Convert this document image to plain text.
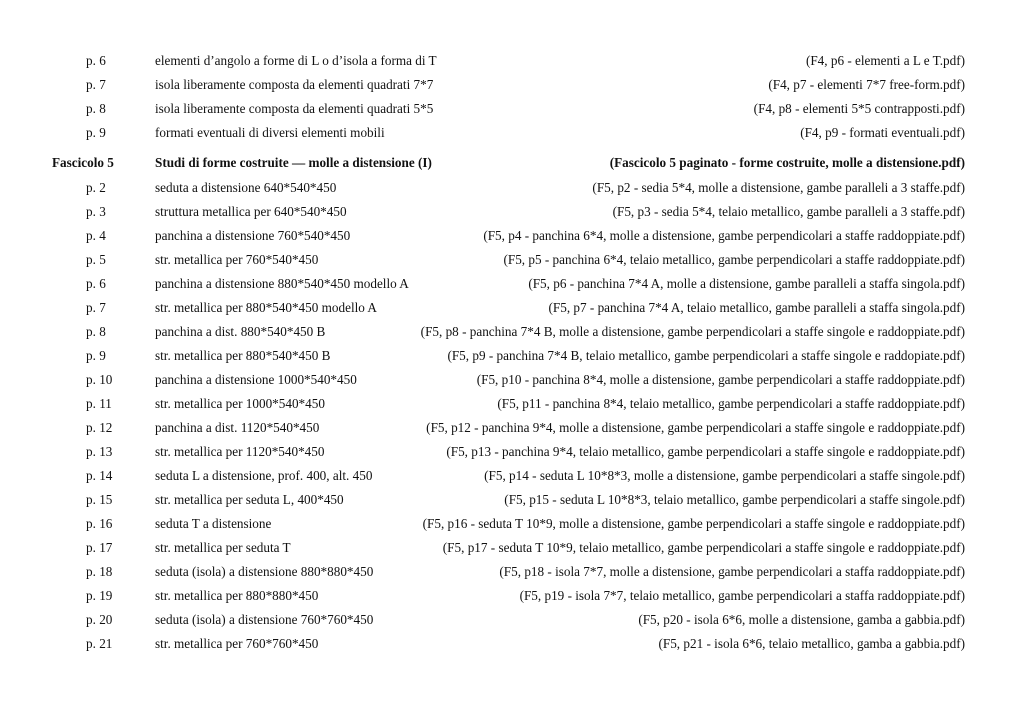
p. 6	elementi d’angolo a forme di L o d’isola a forma di T	(F4, p6 - elementi a L e T.pdf)
p. 7	isola liberamente composta da elementi quadrati 7*7	(F4, p7 - elementi 7*7 free-form.pdf)
p. 8	isola liberamente composta da elementi quadrati 5*5	(F4, p8 - elementi 5*5 contrapposti.pdf)
p. 9	formati eventuali di diversi elementi mobili	(F4, p9 - formati eventuali.pdf)
Fascicolo 5	Studi di forme costruite — molle a distensione (I)	(Fascicolo 5 paginato - forme costruite, molle a distensione.pdf)
p. 2	seduta a distensione 640*540*450	(F5, p2 - sedia 5*4, molle a distensione, gambe paralleli a 3 staffe.pdf)
p. 3	struttura metallica per 640*540*450	(F5, p3 - sedia 5*4, telaio metallico, gambe paralleli a 3 staffe.pdf)
p. 4	panchina a distensione 760*540*450	(F5, p4 - panchina 6*4, molle a distensione, gambe perpendicolari a staffe raddoppiate.pdf)
p. 5	str. metallica per 760*540*450	(F5, p5 - panchina 6*4, telaio metallico, gambe perpendicolari a staffe raddoppiate.pdf)
p. 6	panchina a distensione 880*540*450 modello A	(F5, p6 - panchina 7*4 A, molle a distensione, gambe paralleli a staffa singola.pdf)
p. 7	str. metallica per 880*540*450 modello A	(F5, p7 - panchina 7*4 A, telaio metallico, gambe paralleli a staffa singola.pdf)
p. 8	panchina a dist. 880*540*450 B	(F5, p8 - panchina 7*4 B, molle a distensione, gambe perpendicolari a staffe singole e raddoppiate.pdf)
p. 9	str. metallica per 880*540*450 B	(F5, p9 - panchina 7*4 B, telaio metallico, gambe perpendicolari a staffe singole e raddopiate.pdf)
p. 10	panchina a distensione 1000*540*450	(F5, p10 - panchina 8*4, molle a distensione, gambe perpendicolari a staffe raddoppiate.pdf)
p. 11	str. metallica per 1000*540*450	(F5, p11 - panchina 8*4, telaio metallico, gambe perpendicolari a staffe raddoppiate.pdf)
p. 12	panchina a dist. 1120*540*450	(F5, p12 - panchina 9*4, molle a distensione, gambe perpendicolari a staffe singole e raddoppiate.pdf)
p. 13	str. metallica per 1120*540*450	(F5, p13 - panchina 9*4, telaio metallico, gambe perpendicolari a staffe singole e raddoppiate.pdf)
p. 14	seduta L a distensione, prof. 400, alt. 450	(F5, p14 - seduta L 10*8*3, molle a distensione, gambe perpendicolari a staffe singole.pdf)
p. 15	str. metallica per seduta L, 400*450	(F5, p15 - seduta L 10*8*3, telaio metallico, gambe perpendicolari a staffe singole.pdf)
p. 16	seduta T a distensione	(F5, p16 - seduta T 10*9, molle a distensione, gambe perpendicolari a staffe singole e raddoppiate.pdf)
p. 17	str. metallica per seduta T	(F5, p17 - seduta T 10*9, telaio metallico, gambe perpendicolari a staffe singole e raddoppiate.pdf)
p. 18	seduta (isola) a distensione 880*880*450	(F5, p18 - isola 7*7, molle a distensione, gambe perpendicolari a staffa raddoppiate.pdf)
p. 19	str. metallica per 880*880*450	(F5, p19 - isola 7*7, telaio metallico, gambe perpendicolari a staffa raddoppiate.pdf)
p. 20	seduta (isola) a distensione 760*760*450	(F5, p20 - isola 6*6, molle a distensione, gamba a gabbia.pdf)
p. 21	str. metallica per 760*760*450	(F5, p21 - isola 6*6, telaio metallico, gamba a gabbia.pdf)
